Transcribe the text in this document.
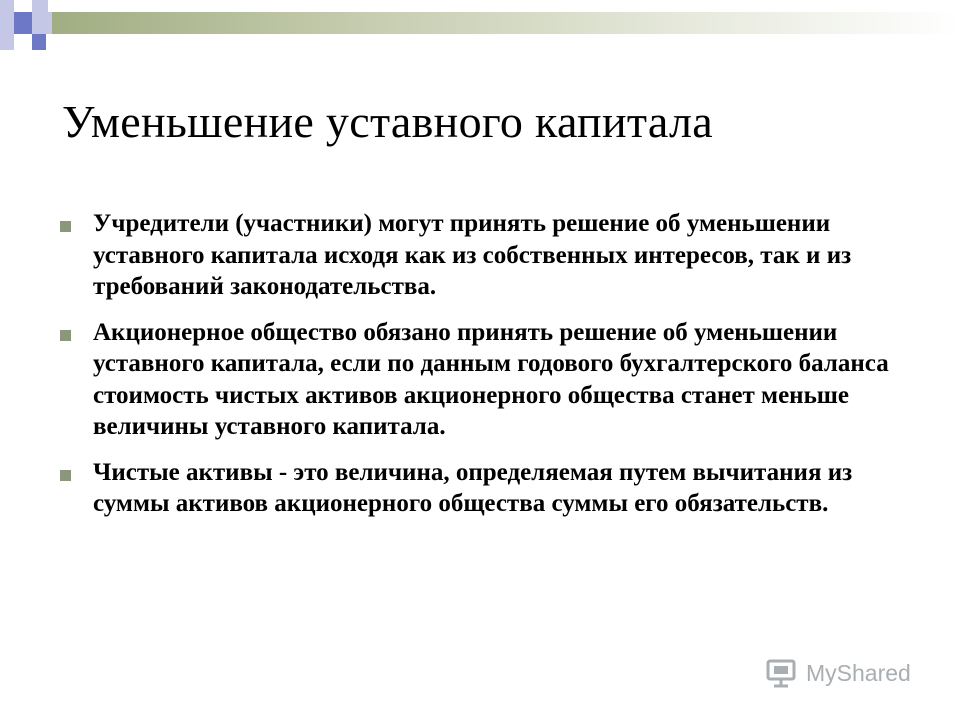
Уменьшение уставного капитала
Учредители (участники) могут принять решение об уменьшении уставного капитала исходя как из собственных интересов, так и из требований законодательства.
Акционерное общество обязано принять решение об уменьшении уставного капитала, если по данным годового бухгалтерского баланса стоимость чистых активов акционерного общества станет меньше величины уставного капитала.
Чистые активы - это величина, определяемая путем вычитания из суммы активов акционерного общества суммы его обязательств.
MyShared
